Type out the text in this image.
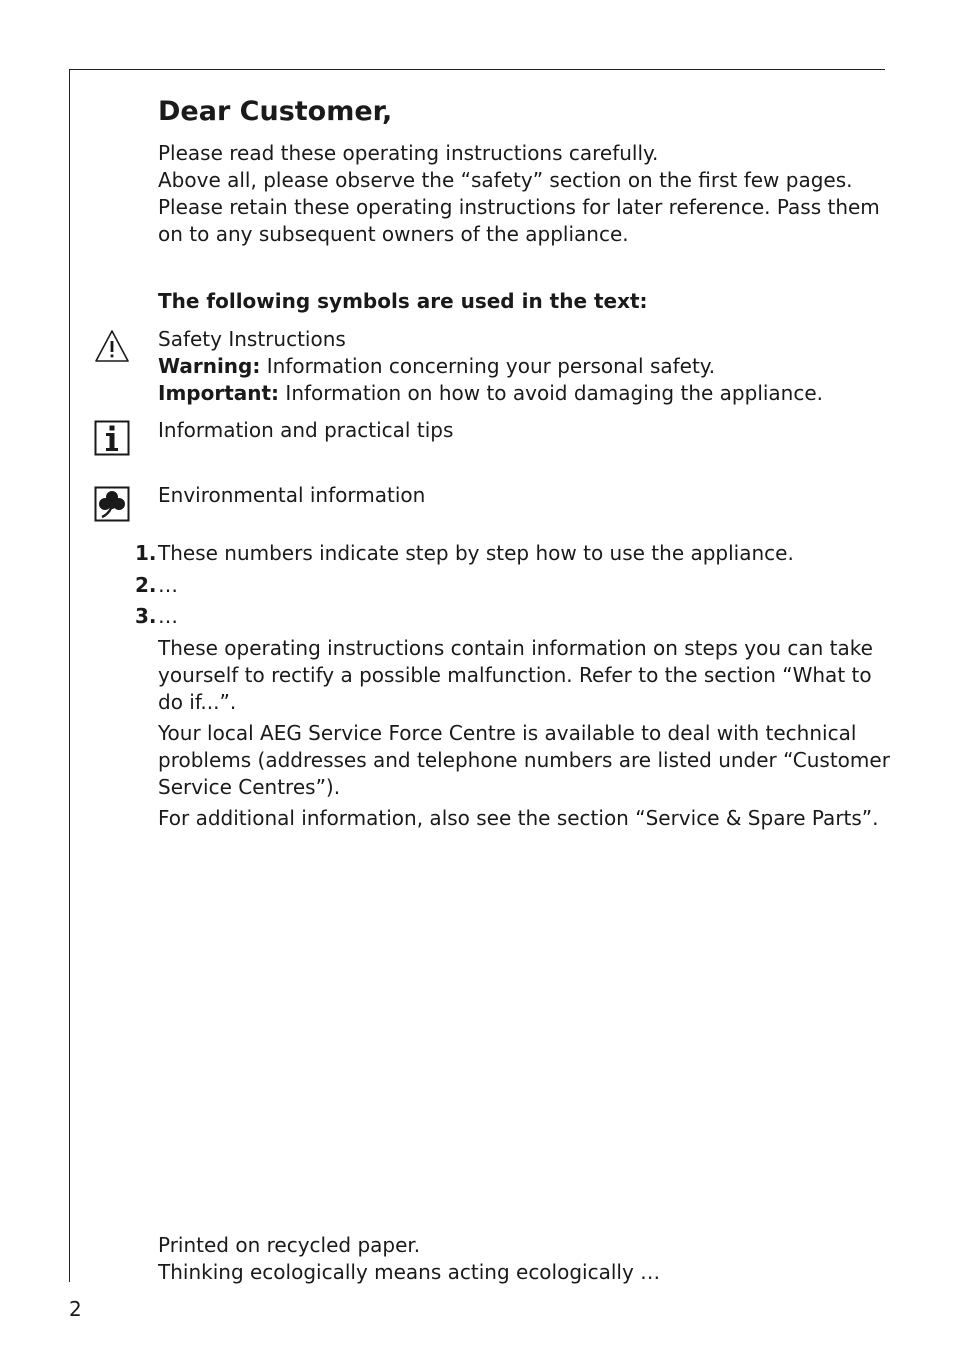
Dear Customer,
Please read these operating instructions carefully.
Above all, please observe the “safety” section on the first few pages.
Please retain these operating instructions for later reference. Pass them
on to any subsequent owners of the appliance.
The following symbols are used in the text:
Safety Instructions
Warning: Information concerning your personal safety.
Important: Information on how to avoid damaging the appliance.
Information and practical tips
Environmental information
1. These numbers indicate step by step how to use the appliance.
2. …
3. …
These operating instructions contain information on steps you can take
yourself to rectify a possible malfunction. Refer to the section “What to
do if...”.
Your local AEG Service Force Centre is available to deal with technical
problems (addresses and telephone numbers are listed under “Customer
Service Centres”).
For additional information, also see the section “Service & Spare Parts”.
Printed on recycled paper.
Thinking ecologically means acting ecologically …
2
